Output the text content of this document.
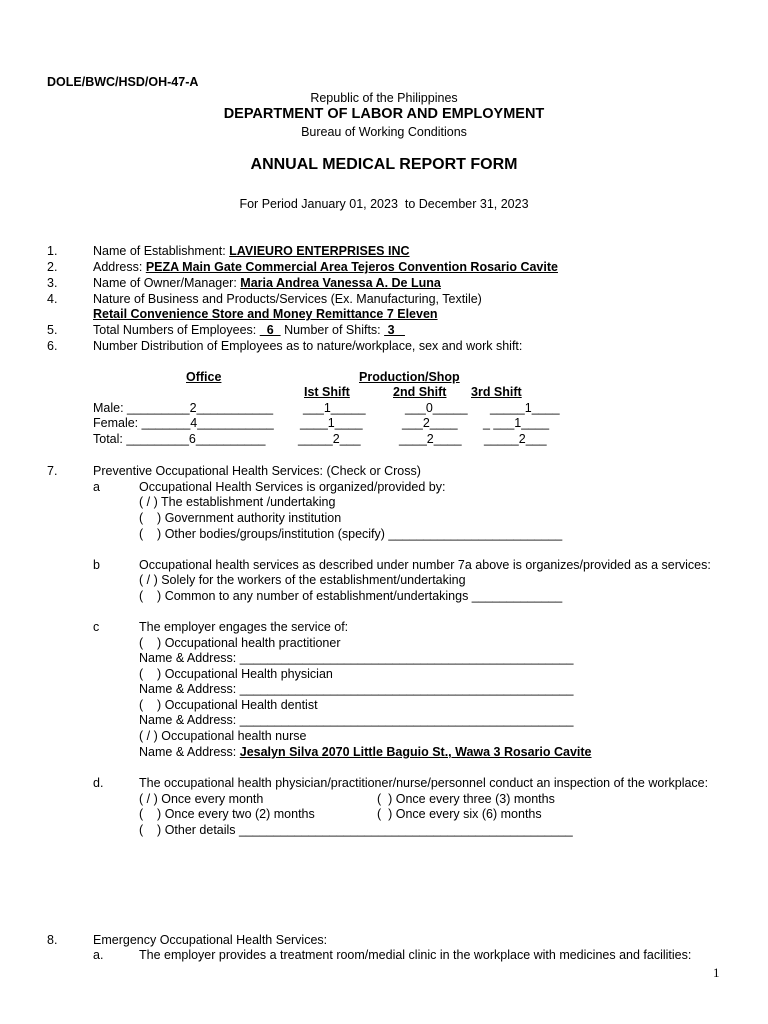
DOLE/BWC/HSD/OH-47-A
Republic of the Philippines
DEPARTMENT OF LABOR AND EMPLOYMENT
Bureau of Working Conditions
ANNUAL MEDICAL REPORT FORM
For Period January 01, 2023  to December 31, 2023
1.	Name of Establishment: LAVIEURO ENTERPRISES INC
2.	Address: PEZA Main Gate Commercial Area Tejeros Convention Rosario Cavite
3.	Name of Owner/Manager: Maria Andrea Vanessa A. De Luna
4.	Nature of Business and Products/Services (Ex. Manufacturing, Textile)
Retail Convenience Store and Money Remittance 7 Eleven
5.	Total Numbers of Employees:   6   Number of Shifts:  3
6.	Number Distribution of Employees as to nature/workplace, sex and work shift:
Office	Production/Shop
Ist Shift	2nd Shift 3rd Shift
Male: _________2___________ ___1_____	___0_____ _____1____
Female: _______4___________ ____1____	___2____ _ ___1____
Total: _________6__________	_____2___	____2____ _____2___
7.	Preventive Occupational Health Services: (Check or Cross)
a	Occupational Health Services is organized/provided by:
( / ) The establishment /undertaking
(    ) Government authority institution
(    ) Other bodies/groups/institution (specify) _________________________
b	Occupational health services as described under number 7a above is organizes/provided as a services:
( / ) Solely for the workers of the establishment/undertaking
(    ) Common to any number of establishment/undertakings _____________
c	The employer engages the service of:
(    ) Occupational health practitioner
Name & Address: ________________________________________________
(    ) Occupational Health physician
Name & Address: ________________________________________________
(    ) Occupational Health dentist
Name & Address: ________________________________________________
( / ) Occupational health nurse
Name & Address: Jesalyn Silva 2070 Little Baguio St., Wawa 3 Rosario Cavite
d.	The occupational health physician/practitioner/nurse/personnel conduct an inspection of the workplace:
( / ) Once every month	(  ) Once every three (3) months
(    ) Once every two (2) months	(  ) Once every six (6) months
(    ) Other details ________________________________________________
8.	Emergency Occupational Health Services:
a.	The employer provides a treatment room/medial clinic in the workplace with medicines and facilities:
1
